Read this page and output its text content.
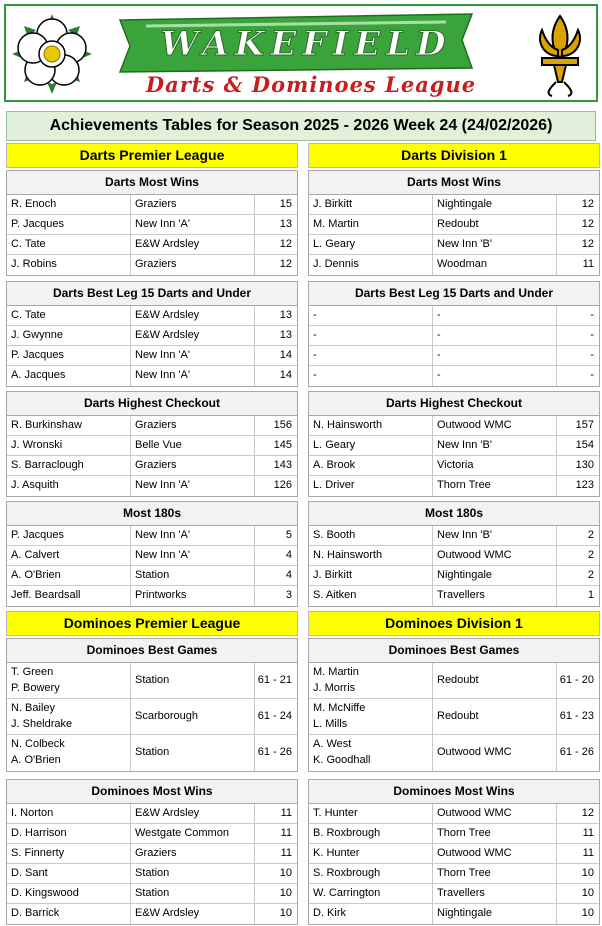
WAKEFIELD
Darts & Dominoes League
Achievements Tables for Season 2025 - 2026 Week 24 (24/02/2026)
Darts Premier League
Darts Most Wins
R. Enoch	Graziers	15
P. Jacques	New Inn 'A'	13
C. Tate	E&W Ardsley	12
J. Robins	Graziers	12
Darts Best Leg 15 Darts and Under
C. Tate	E&W Ardsley	13
J. Gwynne	E&W Ardsley	13
P. Jacques	New Inn 'A'	14
A. Jacques	New Inn 'A'	14
Darts Highest Checkout
R. Burkinshaw	Graziers	156
J. Wronski	Belle Vue	145
S. Barraclough	Graziers	143
J. Asquith	New Inn 'A'	126
Most 180s
P. Jacques	New Inn 'A'	5
A. Calvert	New Inn 'A'	4
A. O'Brien	Station	4
Jeff. Beardsall	Printworks	3
Dominoes Premier League
Dominoes Best Games
T. Green
P. Bowery
Station	61 - 21
N. Bailey
J. Sheldrake
Scarborough	61 - 24
N. Colbeck
A. O'Brien
Station	61 - 26
Dominoes Most Wins
I. Norton	E&W Ardsley	11
D. Harrison	Westgate Common	11
S. Finnerty	Graziers	11
D. Sant	Station	10
D. Kingswood	Station	10
D. Barrick	E&W Ardsley	10
Darts Division 1
Darts Most Wins
J. Birkitt	Nightingale	12
M. Martin	Redoubt	12
L. Geary	New Inn 'B'	12
J. Dennis	Woodman	11
Darts Best Leg 15 Darts and Under
-	-	-
-	-	-
-	-	-
-	-	-
Darts Highest Checkout
N. Hainsworth	Outwood WMC	157
L. Geary	New Inn 'B'	154
A. Brook	Victoria	130
L. Driver	Thorn Tree	123
Most 180s
S. Booth	New Inn 'B'	2
N. Hainsworth	Outwood WMC	2
J. Birkitt	Nightingale	2
S. Aitken	Travellers	1
Dominoes Division 1
Dominoes Best Games
M. Martin
J. Morris
Redoubt	61 - 20
M. McNiffe
L. Mills
Redoubt	61 - 23
A. West
K. Goodhall
Outwood WMC	61 - 26
Dominoes Most Wins
T. Hunter	Outwood WMC	12
B. Roxbrough	Thorn Tree	11
K. Hunter	Outwood WMC	11
S. Roxbrough	Thorn Tree	10
W. Carrington	Travellers	10
D. Kirk	Nightingale	10
